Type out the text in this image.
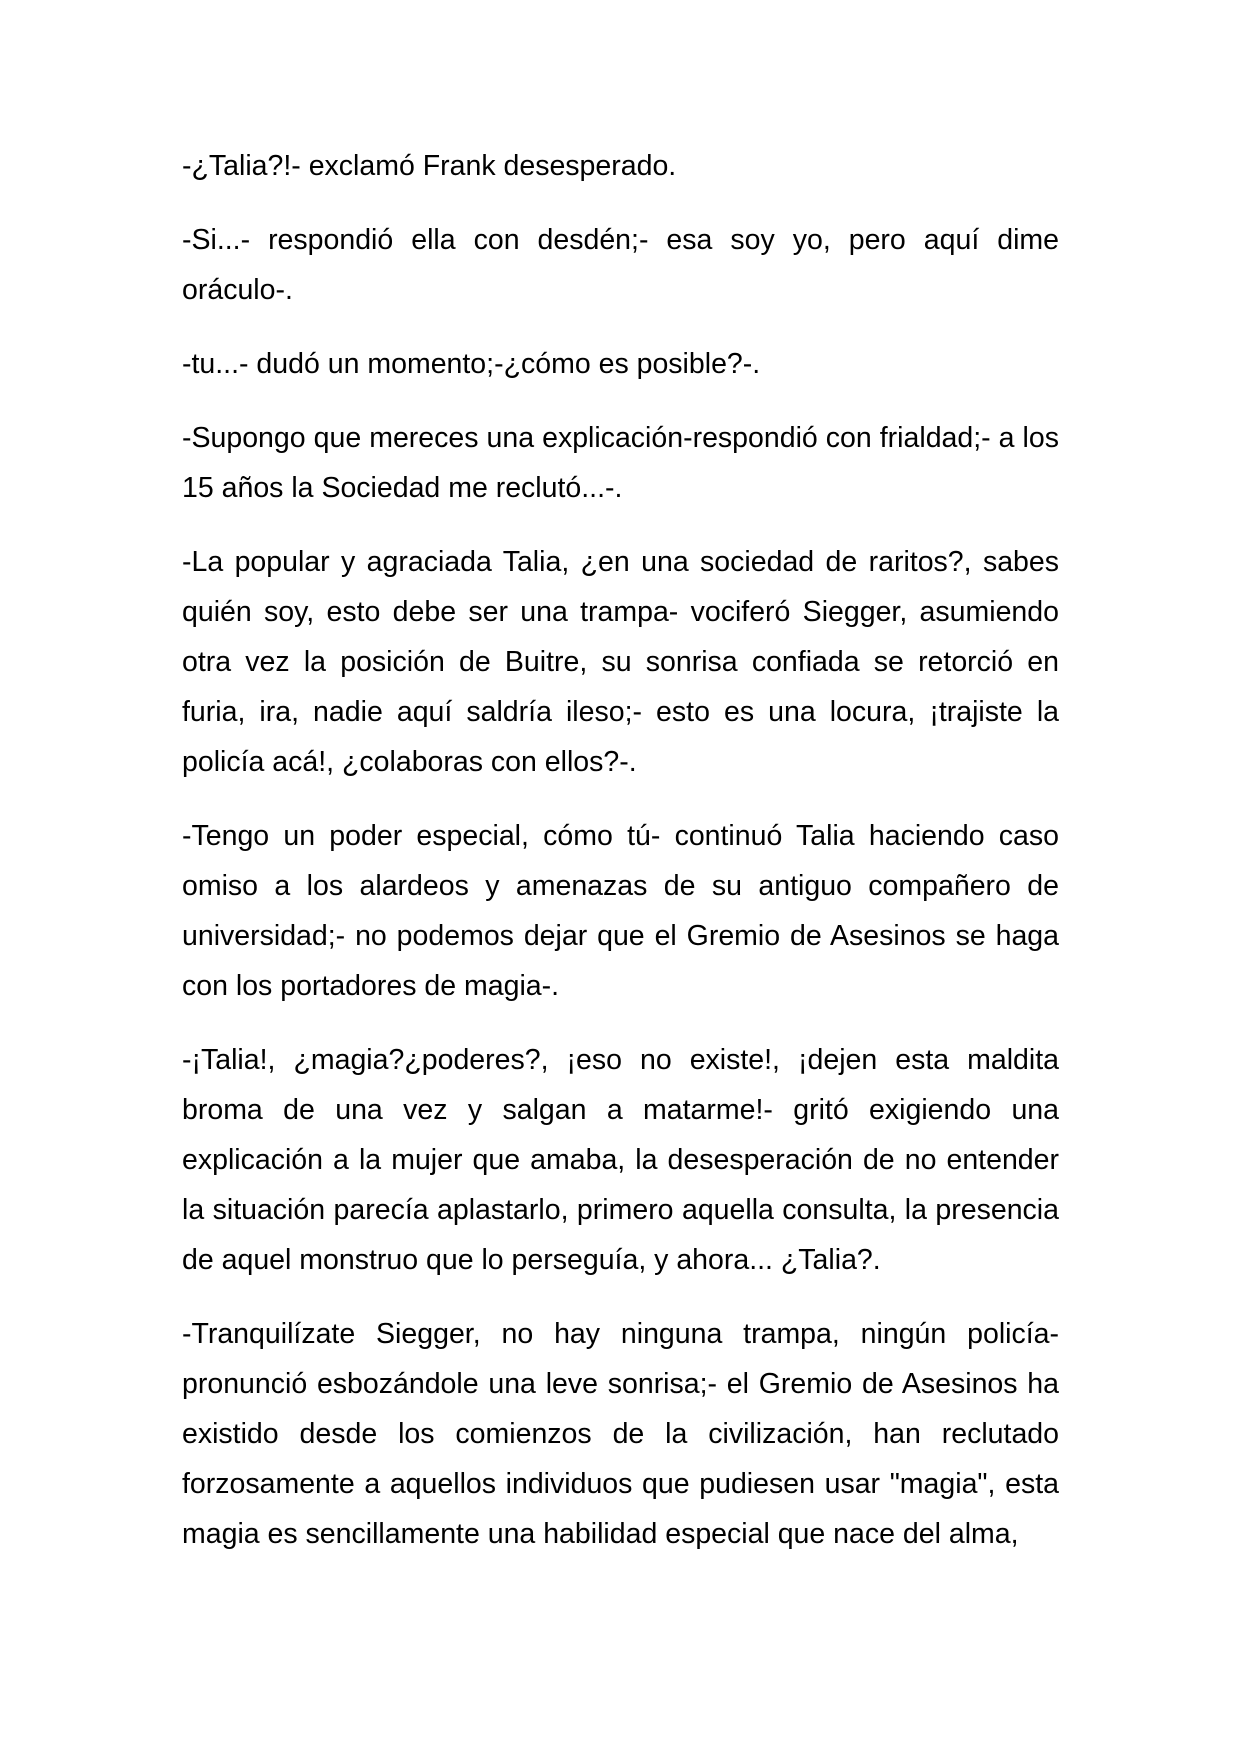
-¿Talia?!- exclamó Frank desesperado.

-Si...- respondió ella con desdén;- esa soy yo, pero aquí dime oráculo-.

-tu...- dudó un momento;-¿cómo es posible?-.

-Supongo que mereces una explicación-respondió con frialdad;- a los 15 años la Sociedad me reclutó...-.

-La popular y agraciada Talia, ¿en una sociedad de raritos?, sabes quién soy, esto debe ser una trampa- vociferó Siegger, asumiendo otra vez la posición de Buitre, su sonrisa confiada se retorció en furia, ira, nadie aquí saldría ileso;- esto es una locura, ¡trajiste la policía acá!, ¿colaboras con ellos?-.

-Tengo un poder especial, cómo tú- continuó Talia haciendo caso omiso a los alardeos y amenazas de su antiguo compañero de universidad;- no podemos dejar que el Gremio de Asesinos se haga con los portadores de magia-.

-¡Talia!, ¿magia?¿poderes?, ¡eso no existe!, ¡dejen esta maldita broma de una vez y salgan a matarme!- gritó exigiendo una explicación a la mujer que amaba, la desesperación de no entender la situación parecía aplastarlo, primero aquella consulta, la presencia de aquel monstruo que lo perseguía, y ahora... ¿Talia?.

-Tranquilízate Siegger, no hay ninguna trampa, ningún policía- pronunció esbozándole una leve sonrisa;- el Gremio de Asesinos ha existido desde los comienzos de la civilización, han reclutado forzosamente a aquellos individuos que pudiesen usar "magia", esta magia es sencillamente una habilidad especial que nace del alma,
